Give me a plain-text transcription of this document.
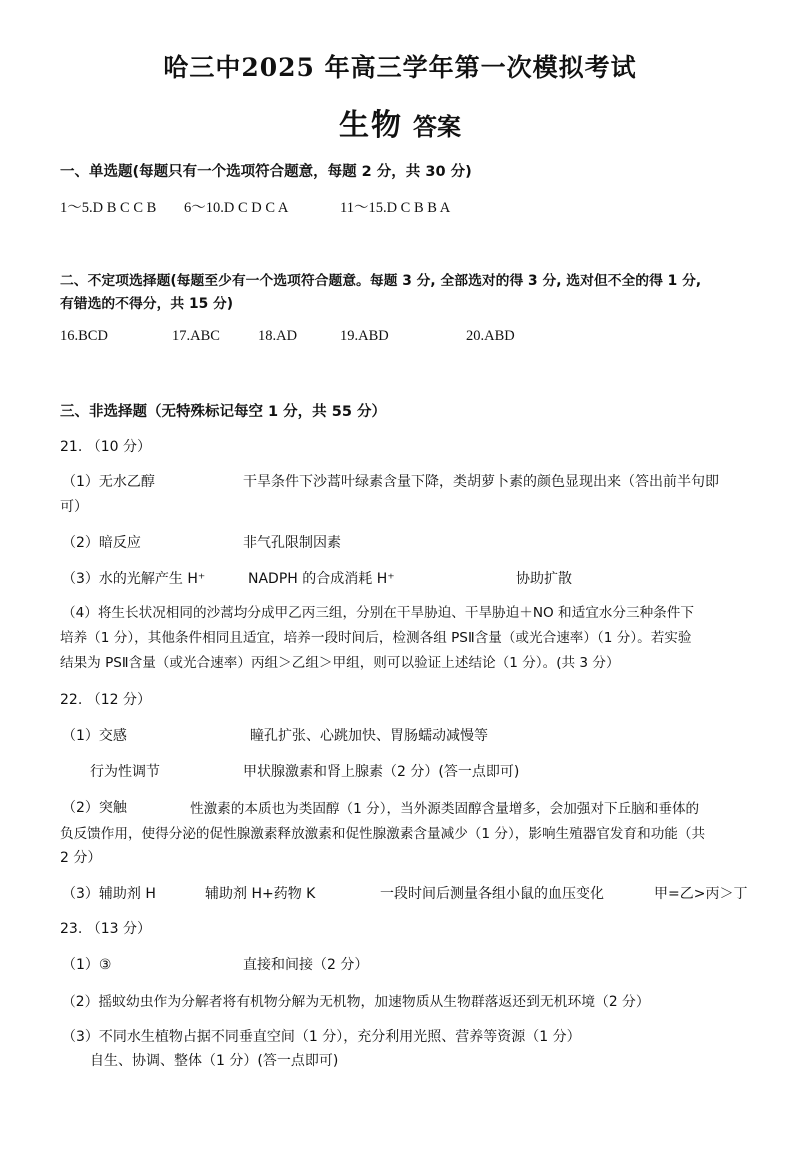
哈三中2025 年高三学年第一次模拟考试
生物 答案
一、单选题(每题只有一个选项符合题意，每题 2 分，共 30 分)
1～5.D B C C B 6～10.D C D C A	11～15.D C B B A
二、不定项选择题(每题至少有一个选项符合题意。每题 3 分, 全部选对的得 3 分, 选对但不全的得 1 分,
有错选的不得分，共 15 分)
16.BCD	17.ABC	18.AD	19.ABD	20.ABD
三、非选择题（无特殊标记每空 1 分，共 55 分）
21. （10 分）
（1）无水乙醇	干旱条件下沙蒿叶绿素含量下降，类胡萝卜素的颜色显现出来（答出前半句即
可）
（2）暗反应	非气孔限制因素
（3）水的光解产生 H⁺	NADPH 的合成消耗 H⁺	协助扩散
（4）将生长状况相同的沙蒿均分成甲乙丙三组，分别在干旱胁迫、干旱胁迫＋NO 和适宜水分三种条件下
培养（1 分），其他条件相同且适宜，培养一段时间后，检测各组 PSⅡ含量（或光合速率）（1 分）。若实验
结果为 PSⅡ含量（或光合速率）丙组＞乙组＞甲组，则可以验证上述结论（1 分）。(共 3 分）
22. （12 分）
（1）交感	瞳孔扩张、心跳加快、胃肠蠕动减慢等
行为性调节	甲状腺激素和肾上腺素（2 分）(答一点即可)
（2）突触	性激素的本质也为类固醇（1 分），当外源类固醇含量增多，会加强对下丘脑和垂体的
负反馈作用，使得分泌的促性腺激素释放激素和促性腺激素含量减少（1 分），影响生殖器官发育和功能（共
2 分）
（3）辅助剂 H	辅助剂 H+药物 K	一段时间后测量各组小鼠的血压变化	甲=乙>丙＞丁
23. （13 分）
（1）③	直接和间接（2 分）
（2）摇蚊幼虫作为分解者将有机物分解为无机物，加速物质从生物群落返还到无机环境（2 分）
（3）不同水生植物占据不同垂直空间（1 分），充分利用光照、营养等资源（1 分）
自生、协调、整体（1 分）(答一点即可)
